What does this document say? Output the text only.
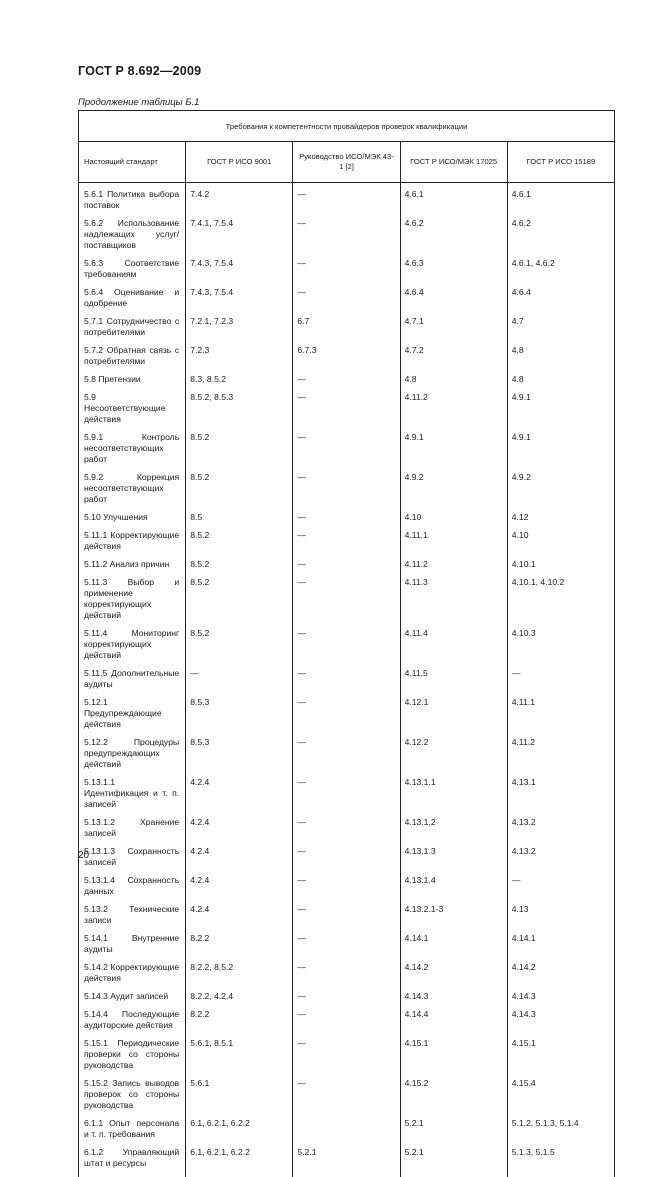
ГОСТ Р 8.692—2009
Продолжение таблицы Б.1
Требования к компетентности провайдеров проверок квалификации				
Настоящий стандарт	ГОСТ Р ИСО 9001	Руководство ИСО/МЭК 43-1 [2]	ГОСТ Р ИСО/МЭК 17025	ГОСТ Р ИСО 15189
5.6.1 Политика выбора поставок	7.4.2	—	4.6.1	4.6.1
5.6.2 Использование надлежащих услуг/поставщиков	7.4.1, 7.5.4	—	4.6.2	4.6.2
5.6.3 Соответствие требованиям	7.4.3, 7.5.4	—	4.6.3	4.6.1, 4.6.2
5.6.4 Оценивание и одобрение	7.4.3, 7.5.4	—	4.6.4	4.6.4
5.7.1 Сотрудничество с потребителями	7.2.1, 7.2.3	6.7	4.7.1	4.7
5.7.2 Обратная связь с потребителями	7.2.3	6.7.3	4.7.2	4.8
5.8 Претензии	8.3, 8.5.2	—	4.8	4.8
5.9 Несоответствующие действия	8.5.2, 8.5.3	—	4.11.2	4.9.1
5.9.1 Контроль несоответствующих работ	8.5.2	—	4.9.1	4.9.1
5.9.2 Коррекция несоответствующих работ	8.5.2	—	4.9.2	4.9.2
5.10 Улучшения	8.5	—	4.10	4.12
5.11.1 Корректирующие действия	8.5.2	—	4.11.1	4.10
5.11.2 Анализ причин	8.5.2	—	4.11.2	4.10.1
5.11.3 Выбор и применение корректирующих действий	8.5.2	—	4.11.3	4.10.1, 4.10.2
5.11.4 Мониторинг корректирующих действий	8.5.2	—	4.11.4	4.10.3
5.11.5 Дополнительные аудиты	—	—	4.11.5	—
5.12.1 Предупреждающие действия	8.5.3	—	4.12.1	4.11.1
5.12.2 Процедуры предупреждающих действий	8.5.3	—	4.12.2	4.11.2
5.13.1.1 Идентификация и т. п. записей	4.2.4	—	4.13.1.1	4.13.1
5.13.1.2 Хранение записей	4.2.4	—	4.13.1.2	4.13.2
5.13.1.3 Сохранность записей	4.2.4	—	4.13.1.3	4.13.2
5.13.1.4 Сохранность данных	4.2.4	—	4.13.1.4	—
5.13.2 Технические записи	4.2.4	—	4.13.2.1-3	4.13
5.14.1 Внутренние аудиты	8.2.2	—	4.14.1	4.14.1
5.14.2 Корректирующие действия	8.2.2, 8.5.2	—	4.14.2	4.14.2
5.14.3 Аудит записей	8.2.2, 4.2.4	—	4.14.3	4.14.3
5.14.4 Последующие аудиторские действия	8.2.2	—	4.14.4	4.14.3
5.15.1 Периодические проверки со стороны руководства	5.6.1, 8.5.1	—	4.15.1	4.15.1
5.15.2 Запись выводов проверок со стороны руководства	5.6.1	—	4.15.2	4.15.4
6.1.1 Опыт персонала и т. п. требования	6.1, 6.2.1, 6.2.2		5.2.1	5.1.2, 5.1.3, 5.1.4
6.1.2 Управляющий штат и ресурсы	6.1, 6.2.1, 6.2.2	5.2.1	5.2.1	5.1.3, 5.1.5
20
